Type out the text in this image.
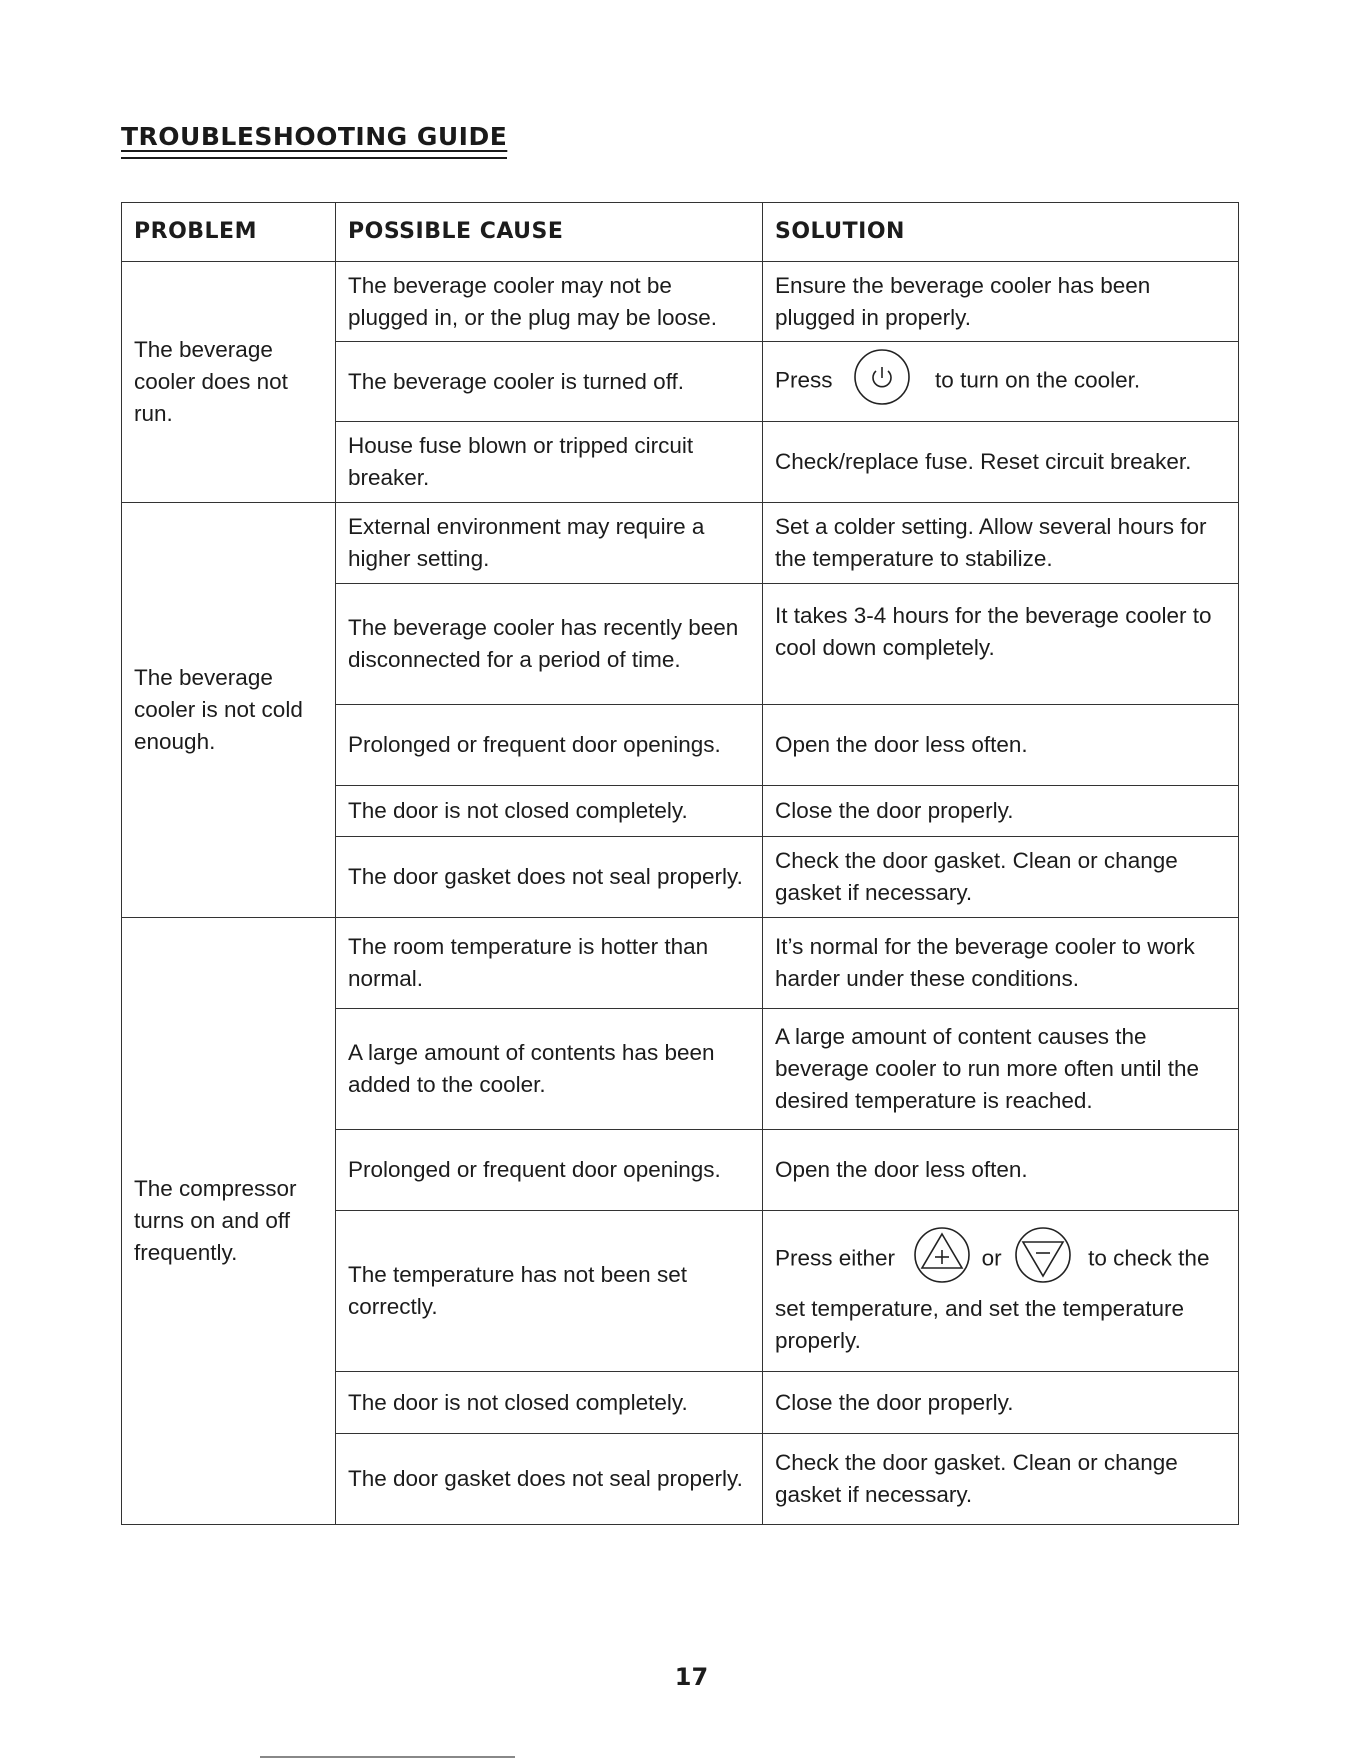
TROUBLESHOOTING GUIDE
PROBLEM	POSSIBLE CAUSE	SOLUTION
The beverage cooler does not run.	The beverage cooler may not be plugged in, or the plug may be loose.	Ensure the beverage cooler has been plugged in properly.
	The beverage cooler is turned off.	Press to turn on the cooler.
	House fuse blown or tripped circuit breaker.	Check/replace fuse. Reset circuit breaker.
The beverage cooler is not cold enough.	External environment may require a higher setting.	Set a colder setting. Allow several hours for the temperature to stabilize.
	The beverage cooler has recently been disconnected for a period of time.	It takes 3-4 hours for the beverage cooler to cool down completely.
	Prolonged or frequent door openings.	Open the door less often.
	The door is not closed completely.	Close the door properly.
	The door gasket does not seal properly.	Check the door gasket. Clean or change gasket if necessary.
The compressor turns on and off frequently.	The room temperature is hotter than normal.	It’s normal for the beverage cooler to work harder under these conditions.
	A large amount of contents has been added to the cooler.	A large amount of content causes the beverage cooler to run more often until the desired temperature is reached.
	Prolonged or frequent door openings.	Open the door less often.
	The temperature has not been set correctly.	Press either or to check the set temperature, and set the temperature properly.
	The door is not closed completely.	Close the door properly.
	The door gasket does not seal properly.	Check the door gasket. Clean or change gasket if necessary.
17
